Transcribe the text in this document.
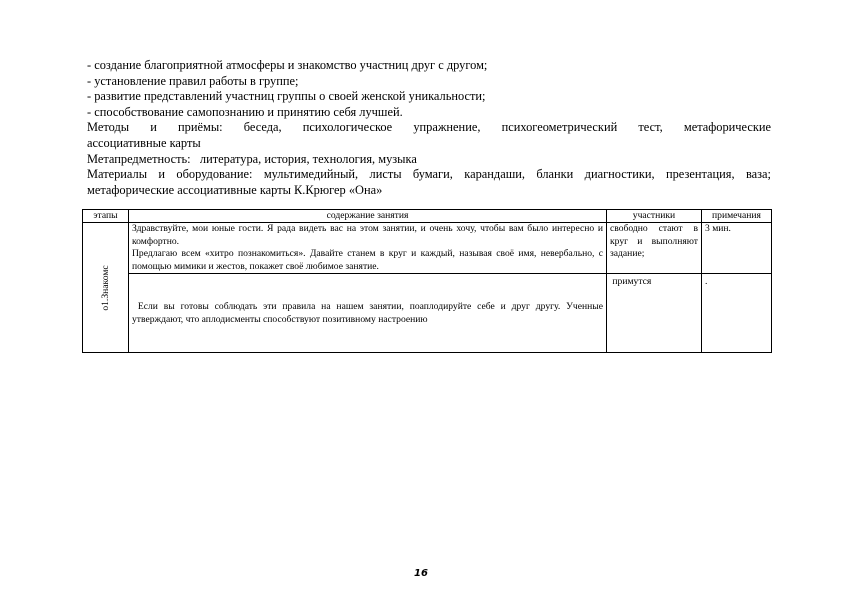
- создание благоприятной атмосферы и знакомство участниц друг с другом;
- установление правил работы в группе;
- развитие представлений участниц группы о своей женской уникальности;
- способствование самопознанию и принятию себя лучшей.
Методы и приёмы: беседа, психологическое упражнение, психогеометрический тест, метафорические
ассоциативные карты
Метапредметность:   литература, история, технология, музыка
Материалы и оборудование: мультимедийный, листы бумаги, карандаши, бланки диагностики, презентация, ваза;
метафорические ассоциативные карты К.Крюгер «Она»
этапы	содержание занятия	участники	примечания

о1.Знакомс	Здравствуйте, мои юные гости. Я рада видеть вас на этом занятии, и очень хочу, чтобы вам было интересно и комфортно.
Предлагаю всем «хитро познакомиться». Давайте станем в круг и каждый, называя своё имя, невербально, с помощью мимики и жестов, покажет своё любимое занятие.	свободно стают в круг и выполняют задание;	3 мин.

	Если вы готовы соблюдать эти правила на нашем занятии, поаплодируйте себе и друг другу. Ученные утверждают, что аплодисменты способствуют позитивному настроению	примутся	.
16
